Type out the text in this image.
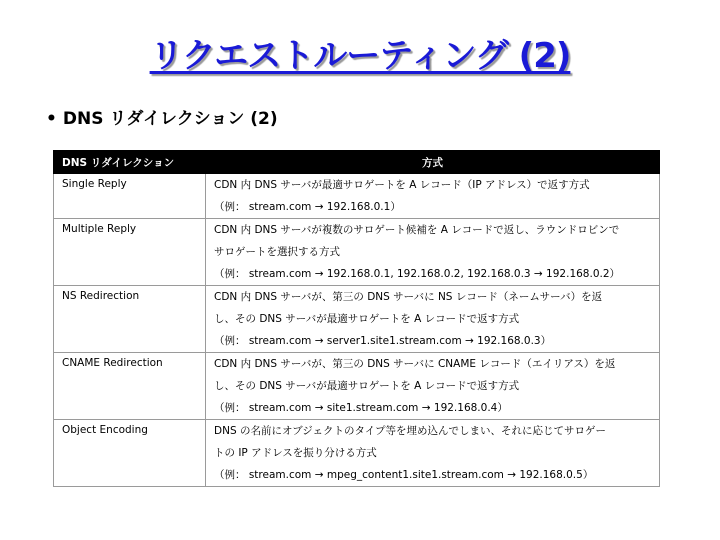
リクエストルーティング (2)
• DNS リダイレクション (2)
DNS リダイレクション	方式
Single Reply	CDN 内 DNS サーバが最適サロゲートを A レコード（IP アドレス）で返す方式
（例： stream.com → 192.168.0.1）

Multiple Reply	CDN 内 DNS サーバが複数のサロゲート候補を A レコードで返し、ラウンドロビンで
サロゲートを選択する方式
（例： stream.com → 192.168.0.1, 192.168.0.2, 192.168.0.3 → 192.168.0.2）

NS Redirection	CDN 内 DNS サーバが、第三の DNS サーバに NS レコード（ネームサーバ）を返
し、その DNS サーバが最適サロゲートを A レコードで返す方式
（例： stream.com → server1.site1.stream.com → 192.168.0.3）

CNAME Redirection	CDN 内 DNS サーバが、第三の DNS サーバに CNAME レコード（エイリアス）を返
し、その DNS サーバが最適サロゲートを A レコードで返す方式
（例： stream.com → site1.stream.com → 192.168.0.4）

Object Encoding	DNS の名前にオブジェクトのタイプ等を埋め込んでしまい、それに応じてサロゲー
トの IP アドレスを振り分ける方式
（例： stream.com → mpeg_content1.site1.stream.com → 192.168.0.5）
